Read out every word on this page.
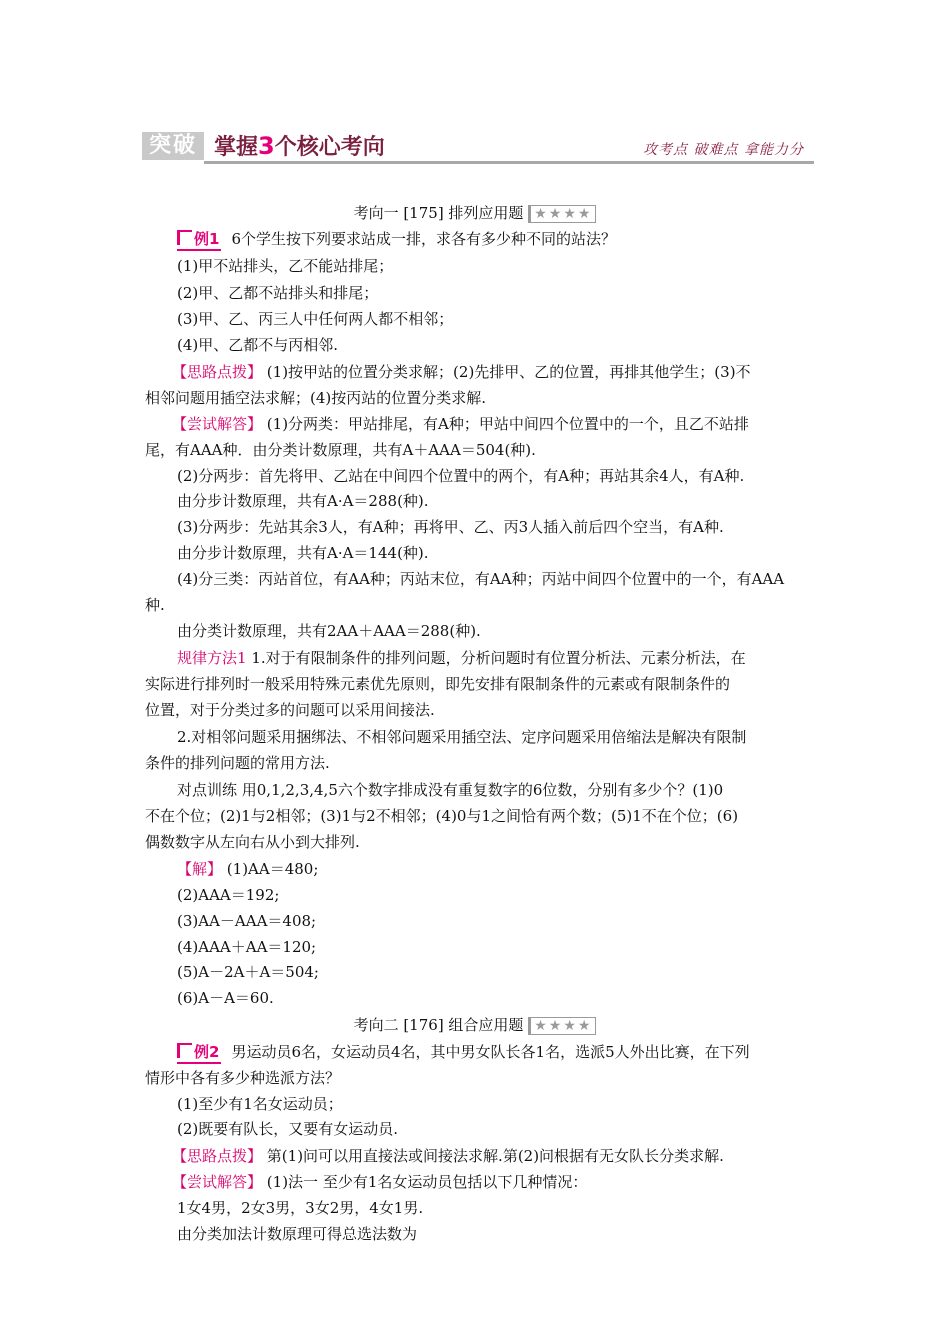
突破 掌握3个核心考向	攻考点 破难点 拿能力分
考向一 [175] 排列应用题 ★★★★
例1 6个学生按下列要求站成一排，求各有多少种不同的站法？
(1)甲不站排头，乙不能站排尾；
(2)甲、乙都不站排头和排尾；
(3)甲、乙、丙三人中任何两人都不相邻；
(4)甲、乙都不与丙相邻.
【思路点拨】 (1)按甲站的位置分类求解；(2)先排甲、乙的位置，再排其他学生；(3)不
相邻问题用插空法求解；(4)按丙站的位置分类求解.
【尝试解答】 (1)分两类：甲站排尾，有A种；甲站中间四个位置中的一个，且乙不站排
尾，有AAA种．由分类计数原理，共有A＋AAA＝504(种).
(2)分两步：首先将甲、乙站在中间四个位置中的两个，有A种；再站其余4人，有A种.
由分步计数原理，共有A·A＝288(种).
(3)分两步：先站其余3人，有A种；再将甲、乙、丙3人插入前后四个空当，有A种.
由分步计数原理，共有A·A＝144(种).
(4)分三类：丙站首位，有AA种；丙站末位，有AA种；丙站中间四个位置中的一个，有AAA
种.
由分类计数原理，共有2AA＋AAA＝288(种).
规律方法1 1.对于有限制条件的排列问题，分析问题时有位置分析法、元素分析法，在
实际进行排列时一般采用特殊元素优先原则，即先安排有限制条件的元素或有限制条件的
位置，对于分类过多的问题可以采用间接法.
2.对相邻问题采用捆绑法、不相邻问题采用插空法、定序问题采用倍缩法是解决有限制
条件的排列问题的常用方法.
对点训练 用0,1,2,3,4,5六个数字排成没有重复数字的6位数，分别有多少个？(1)0
不在个位；(2)1与2相邻；(3)1与2不相邻；(4)0与1之间恰有两个数；(5)1不在个位；(6)
偶数数字从左向右从小到大排列.
【解】 (1)AA＝480;
(2)AAA＝192;
(3)AA－AAA＝408;
(4)AAA＋AA＝120;
(5)A－2A＋A＝504;
(6)A－A＝60.
考向二 [176] 组合应用题 ★★★★
例2 男运动员6名，女运动员4名，其中男女队长各1名，选派5人外出比赛，在下列
情形中各有多少种选派方法？
(1)至少有1名女运动员；
(2)既要有队长，又要有女运动员.
【思路点拨】 第(1)问可以用直接法或间接法求解.第(2)问根据有无女队长分类求解.
【尝试解答】 (1)法一 至少有1名女运动员包括以下几种情况：
1女4男，2女3男，3女2男，4女1男.
由分类加法计数原理可得总选法数为
